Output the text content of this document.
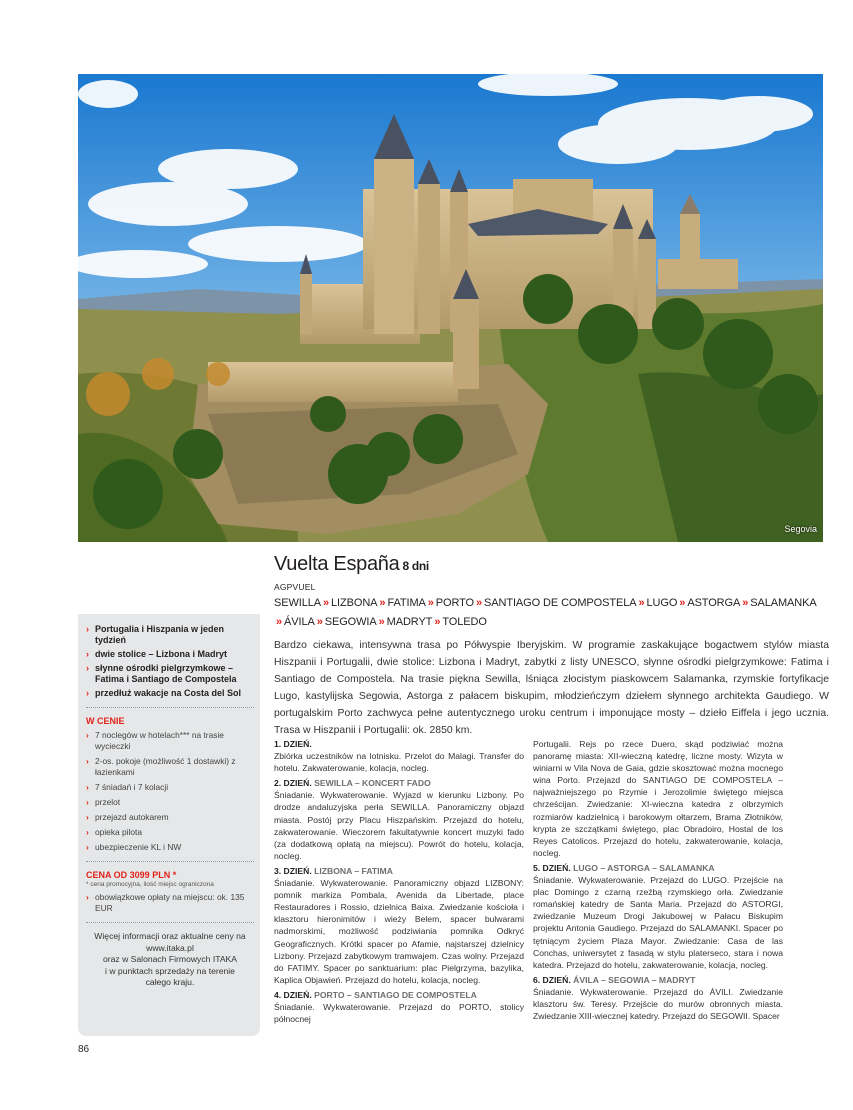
Segovia
Vuelta España 8 dni
AGPVUEL
SEWILLA » LIZBONA » FATIMA » PORTO » SANTIAGO DE COMPOSTELA » LUGO » ASTORGA » SALAMANKA
» ÁVILA » SEGOWIA » MADRYT » TOLEDO
Bardzo ciekawa, intensywna trasa po Półwyspie Iberyjskim. W programie zaskakujące bogactwem stylów miasta Hiszpanii i Portugalii, dwie stolice: Lizbona i Madryt, zabytki z listy UNESCO, słynne ośrodki pielgrzymkowe: Fatima i Santiago de Compostela. Na trasie piękna Sewilla, lśniąca złocistym piaskowcem Salamanka, rzymskie fortyfikacje Lugo, kastylijska Segowia, Astorga z pałacem biskupim, młodzieńczym dziełem słynnego architekta Gaudiego. W portugalskim Porto zachwyca pełne autentycznego uroku centrum i imponujące mosty – dzieło Eiffela i jego ucznia. Trasa w Hiszpanii i Portugalii: ok. 2850 km.
1. DZIEŃ.
Zbiórka uczestników na lotnisku. Przelot do Malagi. Transfer do hotelu. Zakwaterowanie, kolacja, nocleg.
2. DZIEŃ. SEWILLA – KONCERT FADO
Śniadanie. Wykwaterowanie. Wyjazd w kierunku Lizbony. Po drodze andaluzyjska perła SEWILLA. Panoramiczny objazd miasta. Postój przy Placu Hiszpańskim. Przejazd do hotelu, zakwaterowanie. Wieczorem fakultatywnie koncert muzyki fado (za dodatkową opłatą na miejscu). Powrót do hotelu, kolacja, nocleg.
3. DZIEŃ. LIZBONA – FATIMA
Śniadanie. Wykwaterowanie. Panoramiczny objazd LIZBONY: pomnik markiza Pombala, Avenida da Libertade, place Restauradores i Rossio, dzielnica Baixa. Zwiedzanie kościoła i klasztoru hieronimitów i wieży Belem, spacer bulwarami nadmorskimi, możliwość podziwiania pomnika Odkryć Geograficznych. Krótki spacer po Afamie, najstarszej dzielnicy Lizbony. Przejazd zabytkowym tramwajem. Czas wolny. Przejazd do FATIMY. Spacer po sanktuarium: plac Pielgrzyma, bazylika, Kaplica Objawień. Przejazd do hotelu, kolacja, nocleg.
4. DZIEŃ. PORTO – SANTIAGO DE COMPOSTELA
Śniadanie. Wykwaterowanie. Przejazd do PORTO, stolicy północnej
Portugalii. Rejs po rzece Duero, skąd podziwiać można panoramę miasta: XII-wieczną katedrę, liczne mosty. Wizyta w winiarni w Vila Nova de Gaia, gdzie skosztować można mocnego wina Porto. Przejazd do SANTIAGO DE COMPOSTELA – najważniejszego po Rzymie i Jerozolimie świętego miejsca chrześcijan. Zwiedzanie: XI-wieczna katedra z olbrzymich rozmiarów kadzielnicą i barokowym ołtarzem, Brama Złotników, krypta ze szczątkami świętego, plac Obradoiro, Hostal de los Reyes Catolicos. Przejazd do hotelu, zakwaterowanie, kolacja, nocleg.
5. DZIEŃ. LUGO – ASTORGA – SALAMANKA
Śniadanie. Wykwaterowanie. Przejazd do LUGO. Przejście na plac Domingo z czarną rzeźbą rzymskiego orła. Zwiedzanie romańskiej katedry de Santa Maria. Przejazd do ASTORGI, zwiedzanie Muzeum Drogi Jakubowej w Pałacu Biskupim projektu Antonia Gaudiego. Przejazd do SALAMANKI. Spacer po tętniącym życiem Plaza Mayor. Zwiedzanie: Casa de las Conchas, uniwersytet z fasadą w stylu platerseco, stara i nowa katedra. Przejazd do hotelu, zakwaterowanie, kolacja, nocleg.
6. DZIEŃ. ÁVILA – SEGOWIA – MADRYT
Śniadanie. Wykwaterowanie. Przejazd do ÁVILI. Zwiedzanie klasztoru św. Teresy. Przejście do murów obronnych miasta. Zwiedzanie XIII-wiecznej katedry. Przejazd do SEGOWII. Spacer
› Portugalia i Hiszpania w jeden tydzień
› dwie stolice – Lizbona i Madryt
› słynne ośrodki pielgrzymkowe – Fatima i Santiago de Compostela
› przedłuż wakacje na Costa del Sol
W CENIE
› 7 noclegów w hotelach*** na trasie wycieczki
› 2-os. pokoje (możliwość 1 dostawki) z łazienkami
› 7 śniadań i 7 kolacji
› przelot
› przejazd autokarem
› opieka pilota
› ubezpieczenie KL i NW
CENA OD 3099 PLN *
* cena promocyjna, ilość miejsc ograniczona
› obowiązkowe opłaty na miejscu: ok. 135 EUR
Więcej informacji oraz aktualne ceny na
www.itaka.pl
oraz w Salonach Firmowych ITAKA
i w punktach sprzedaży na terenie
całego kraju.
86
